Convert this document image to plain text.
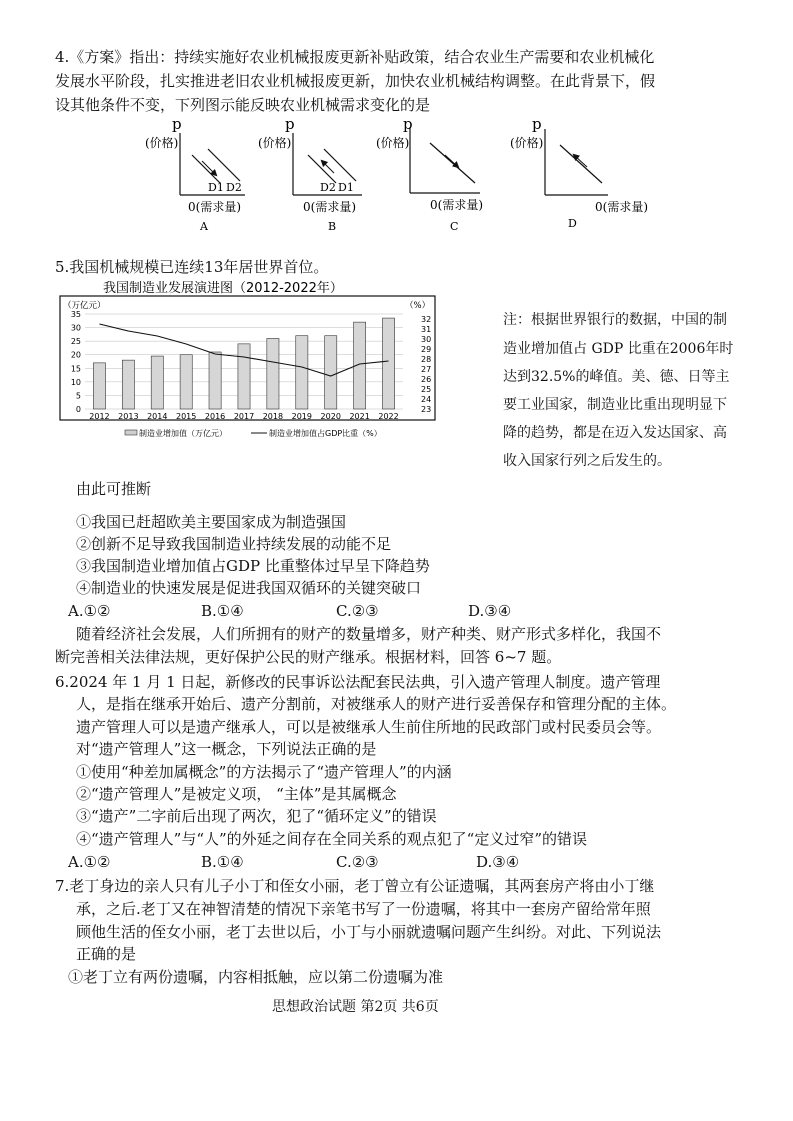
4.《方案》指出：持续实施好农业机械报废更新补贴政策，结合农业生产需要和农业机械化
发展水平阶段，扎实推进老旧农业机械报废更新，加快农业机械结构调整。在此背景下，假
设其他条件不变，下列图示能反映农业机械需求变化的是
p
(价格)
D1 D2
0(需求量)
A
p
(价格)
D2 D1
0(需求量)
B
p
(价格)
0(需求量)
C
p
(价格)
0(需求量)
D
5.我国机械规模已连续13年居世界首位。
我国制造业发展演进图（2012-2022年）
（万亿元）	（%）
0
5
10
15
20
25
30
35
23
24
25
26
27
28
29
30
31
32
2012 2013 2014 2015 2016 2017 2018 2019 2020 2021 2022
制造业增加值（万亿元）	制造业增加值占GDP比重（%）
注：根据世界银行的数据，中国的制
造业增加值占 GDP 比重在2006年时
达到32.5%的峰值。美、德、日等主
要工业国家，制造业比重出现明显下
降的趋势，都是在迈入发达国家、高
收入国家行列之后发生的。
由此可推断
①我国已赶超欧美主要国家成为制造强国
②创新不足导致我国制造业持续发展的动能不足
③我国制造业增加值占GDP 比重整体过早呈下降趋势
④制造业的快速发展是促进我国双循环的关键突破口
A.①②	B.①④	C.②③	D.③④
随着经济社会发展，人们所拥有的财产的数量增多，财产种类、财产形式多样化，我国不
断完善相关法律法规，更好保护公民的财产继承。根据材料，回答 6~7 题。
6.2024 年 1 月 1 日起，新修改的民事诉讼法配套民法典，引入遗产管理人制度。遗产管理
人，是指在继承开始后、遗产分割前，对被继承人的财产进行妥善保存和管理分配的主体。
遗产管理人可以是遗产继承人，可以是被继承人生前住所地的民政部门或村民委员会等。
对“遗产管理人”这一概念，下列说法正确的是
①使用“种差加属概念”的方法揭示了“遗产管理人”的内涵
②“遗产管理人”是被定义项， “主体”是其属概念
③“遗产”二字前后出现了两次，犯了“循环定义”的错误
④“遗产管理人”与“人”的外延之间存在全同关系的观点犯了“定义过窄”的错误
A.①②	B.①④	C.②③	D.③④
7.老丁身边的亲人只有儿子小丁和侄女小丽，老丁曾立有公证遗嘱，其两套房产将由小丁继
承，之后.老丁又在神智清楚的情况下亲笔书写了一份遗嘱，将其中一套房产留给常年照
顾他生活的侄女小丽，老丁去世以后，小丁与小丽就遗嘱问题产生纠纷。对此、下列说法
正确的是
①老丁立有两份遗嘱，内容相抵触，应以第二份遗嘱为准
思想政治试题 第2页 共6页
